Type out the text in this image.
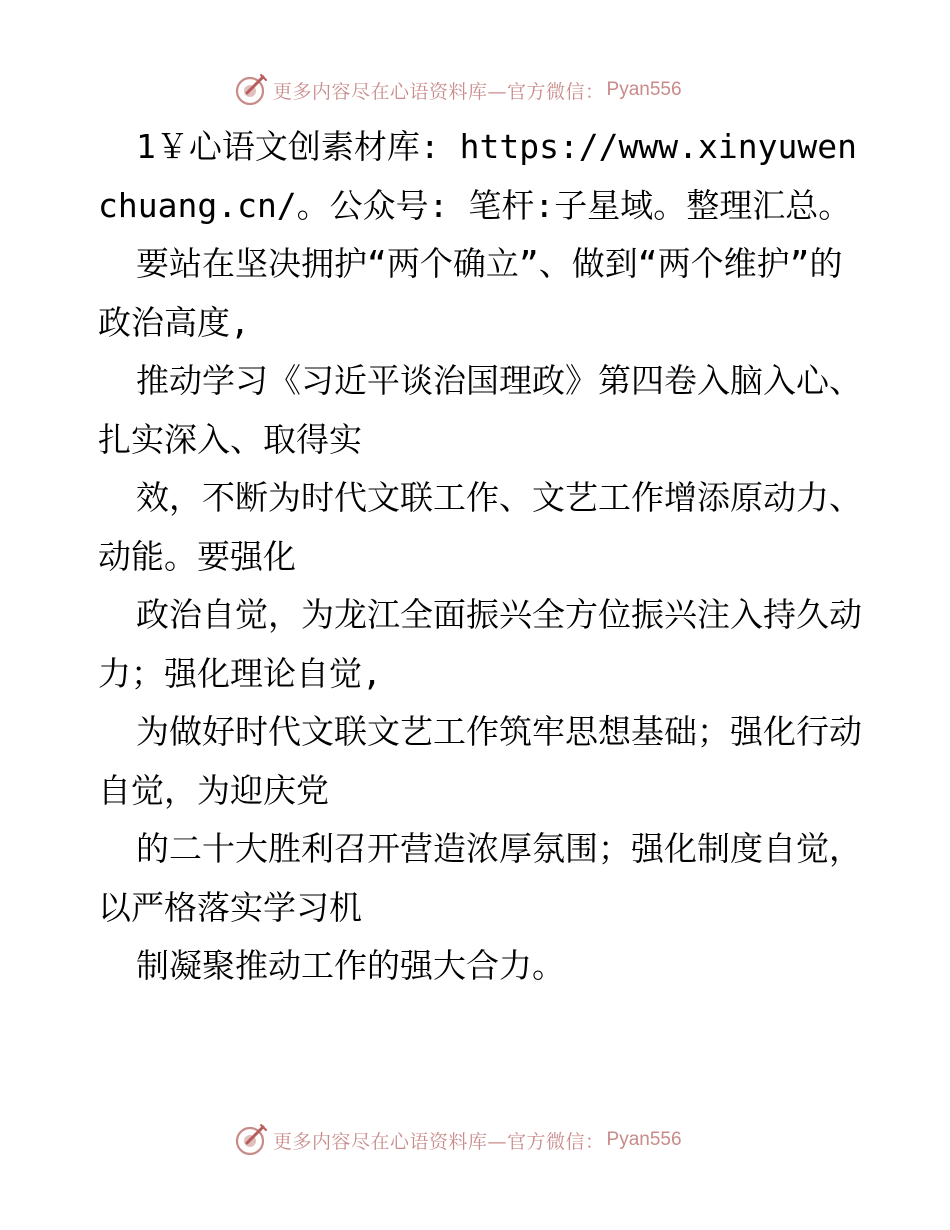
更多内容尽在心语资料库—官方微信： Pyan556

1￥心语文创素材库: https://www.xinyuwenchuang.cn/。公众号: 笔杆:子星域。整理汇总。

要站在坚决拥护“两个确立”、做到“两个维护”的政治高度,

推动学习《习近平谈治国理政》第四卷入脑入心、扎实深入、取得实

效，不断为时代文联工作、文艺工作增添原动力、动能。要强化

政治自觉，为龙江全面振兴全方位振兴注入持久动力；强化理论自觉,

为做好时代文联文艺工作筑牢思想基础；强化行动自觉，为迎庆党

的二十大胜利召开营造浓厚氛围；强化制度自觉，以严格落实学习机

制凝聚推动工作的强大合力。

更多内容尽在心语资料库—官方微信： Pyan556
